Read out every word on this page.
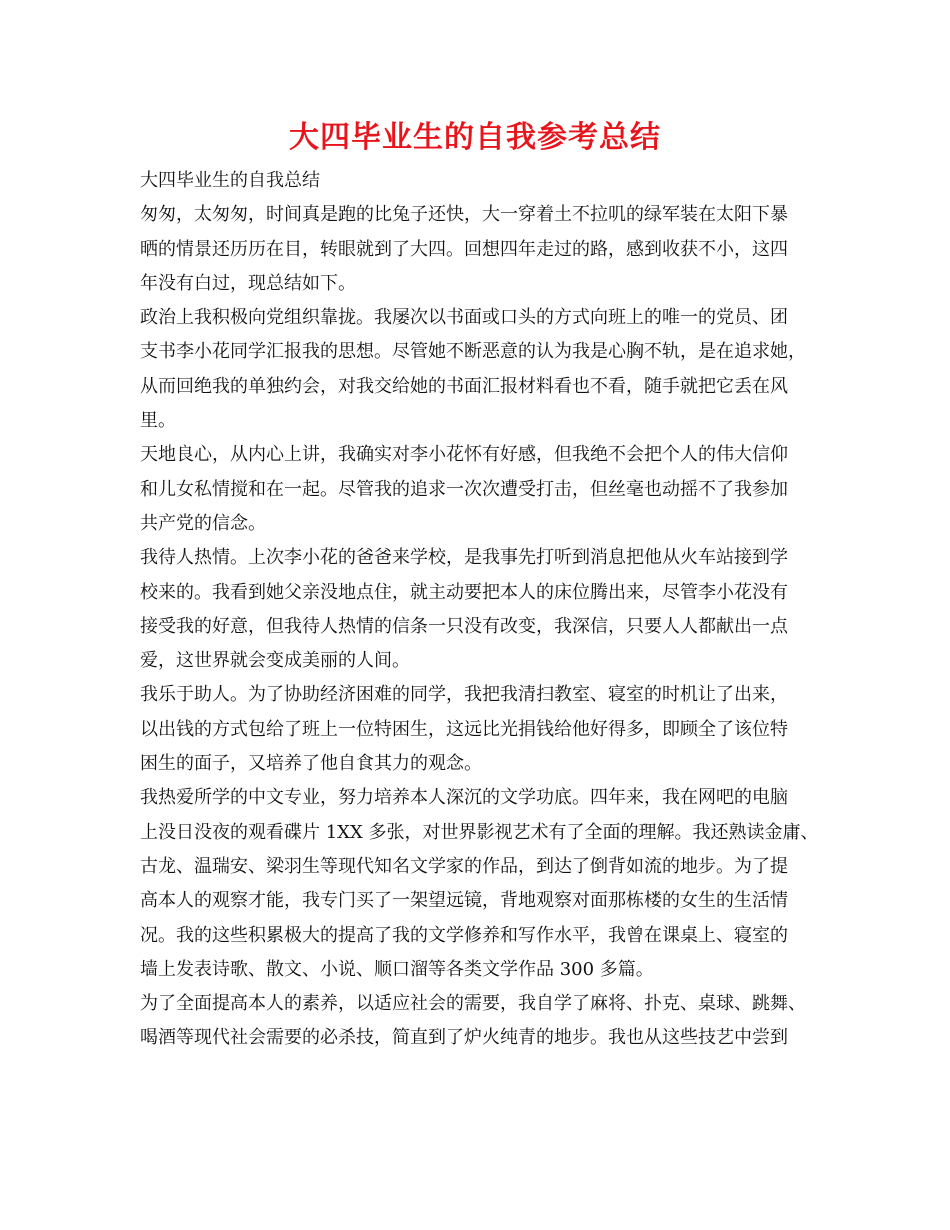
大四毕业生的自我参考总结
大四毕业生的自我总结
匆匆，太匆匆，时间真是跑的比兔子还快，大一穿着土不拉叽的绿军装在太阳下暴
晒的情景还历历在目，转眼就到了大四。回想四年走过的路，感到收获不小，这四
年没有白过，现总结如下。
政治上我积极向党组织靠拢。我屡次以书面或口头的方式向班上的唯一的党员、团
支书李小花同学汇报我的思想。尽管她不断恶意的认为我是心胸不轨，是在追求她，
从而回绝我的单独约会，对我交给她的书面汇报材料看也不看，随手就把它丢在风
里。
天地良心，从内心上讲，我确实对李小花怀有好感，但我绝不会把个人的伟大信仰
和儿女私情搅和在一起。尽管我的追求一次次遭受打击，但丝毫也动摇不了我参加
共产党的信念。
我待人热情。上次李小花的爸爸来学校，是我事先打听到消息把他从火车站接到学
校来的。我看到她父亲没地点住，就主动要把本人的床位腾出来，尽管李小花没有
接受我的好意，但我待人热情的信条一只没有改变，我深信，只要人人都献出一点
爱，这世界就会变成美丽的人间。
我乐于助人。为了协助经济困难的同学，我把我清扫教室、寝室的时机让了出来，
以出钱的方式包给了班上一位特困生，这远比光捐钱给他好得多，即顾全了该位特
困生的面子，又培养了他自食其力的观念。
我热爱所学的中文专业，努力培养本人深沉的文学功底。四年来，我在网吧的电脑
上没日没夜的观看碟片 1XX 多张，对世界影视艺术有了全面的理解。我还熟读金庸、
古龙、温瑞安、梁羽生等现代知名文学家的作品，到达了倒背如流的地步。为了提
高本人的观察才能，我专门买了一架望远镜，背地观察对面那栋楼的女生的生活情
况。我的这些积累极大的提高了我的文学修养和写作水平，我曾在课桌上、寝室的
墙上发表诗歌、散文、小说、顺口溜等各类文学作品 300 多篇。
为了全面提高本人的素养，以适应社会的需要，我自学了麻将、扑克、桌球、跳舞、
喝酒等现代社会需要的必杀技，简直到了炉火纯青的地步。我也从这些技艺中尝到
